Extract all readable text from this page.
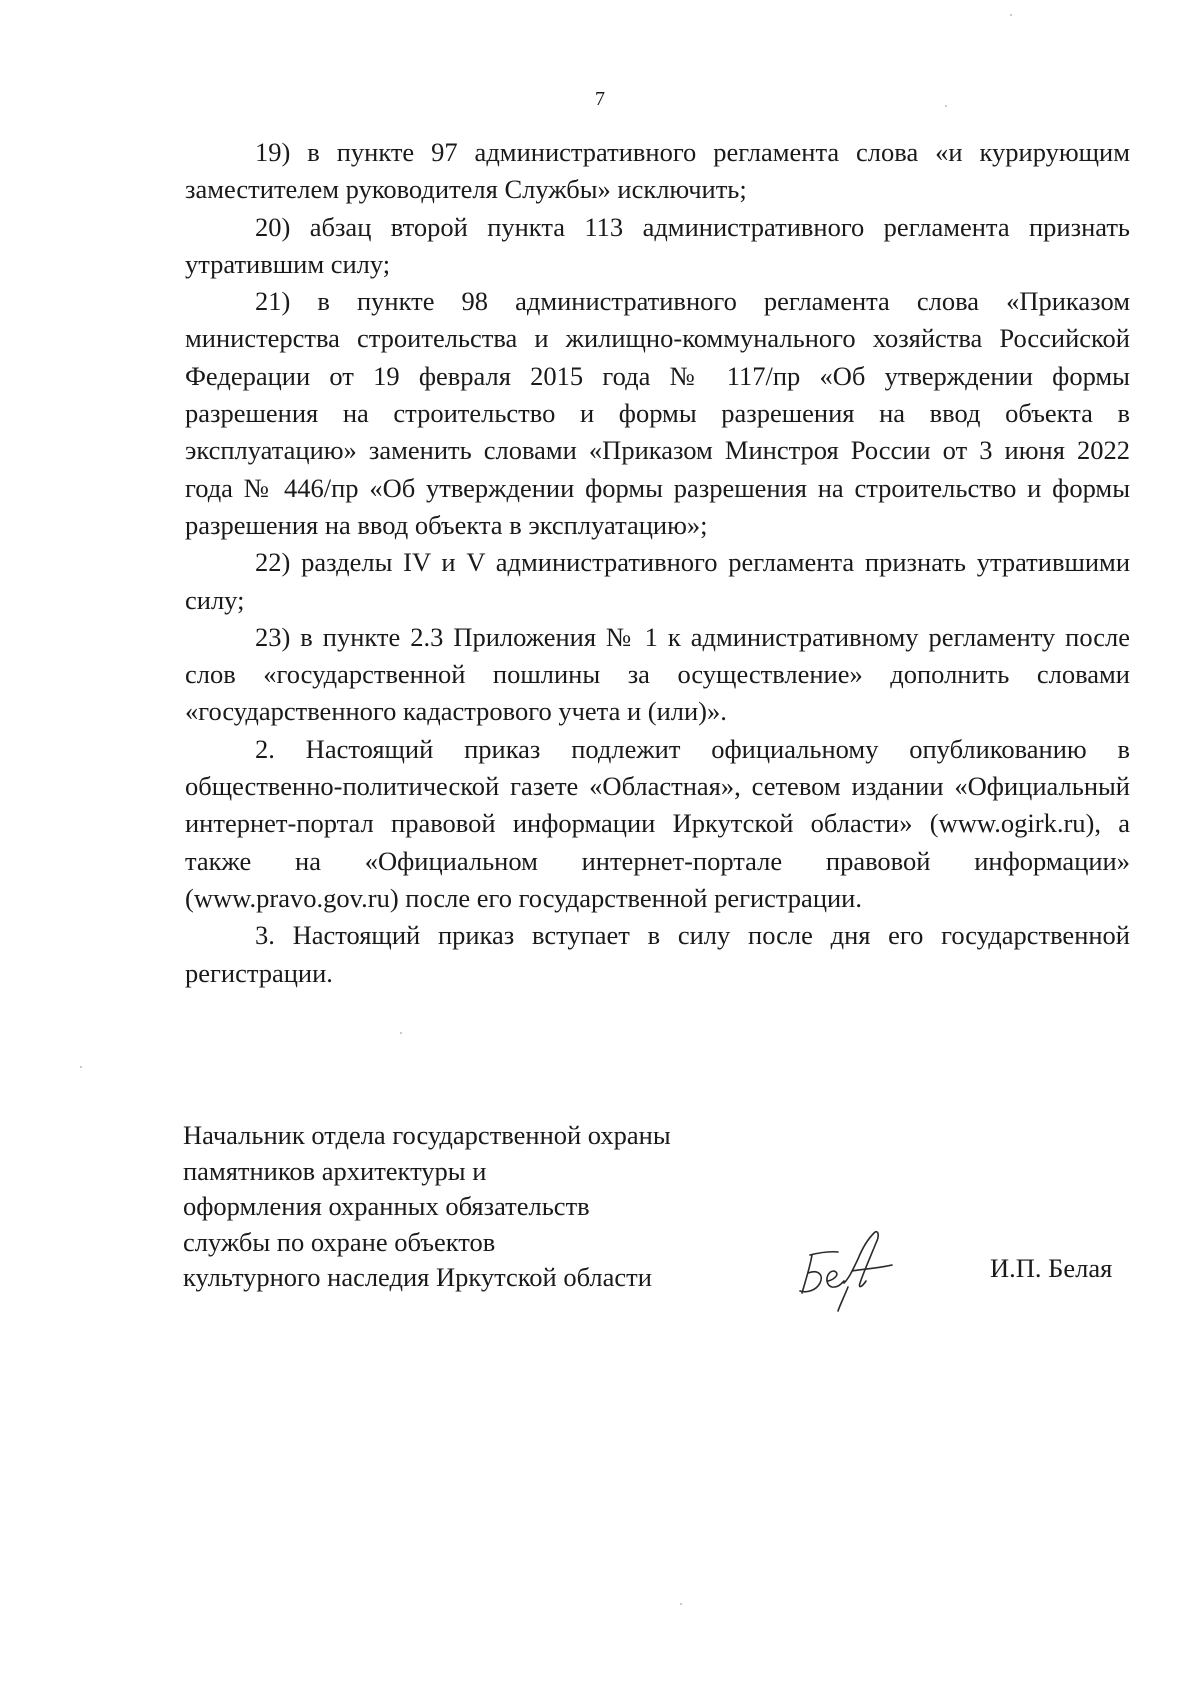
7

19) в пункте 97 административного регламента слова «и курирующим заместителем руководителя Службы» исключить;

20) абзац второй пункта 113 административного регламента признать утратившим силу;

21) в пункте 98 административного регламента слова «Приказом министерства строительства и жилищно-коммунального хозяйства Российской Федерации от 19 февраля 2015 года № 117/пр «Об утверждении формы разрешения на строительство и формы разрешения на ввод объекта в эксплуатацию» заменить словами «Приказом Минстроя России от 3 июня 2022 года № 446/пр «Об утверждении формы разрешения на строительство и формы разрешения на ввод объекта в эксплуатацию»;

22) разделы IV и V административного регламента признать утратившими силу;

23) в пункте 2.3 Приложения № 1 к административному регламенту после слов «государственной пошлины за осуществление» дополнить словами «государственного кадастрового учета и (или)».

2. Настоящий приказ подлежит официальному опубликованию в общественно-политической газете «Областная», сетевом издании «Официальный интернет-портал правовой информации Иркутской области» (www.ogirk.ru), а также на «Официальном интернет-портале правовой информации» (www.pravo.gov.ru) после его государственной регистрации.

3. Настоящий приказ вступает в силу после дня его государственной регистрации.

Начальник отдела государственной охраны
памятников архитектуры и
оформления охранных обязательств
службы по охране объектов
культурного наследия Иркутской области	И.П. Белая
